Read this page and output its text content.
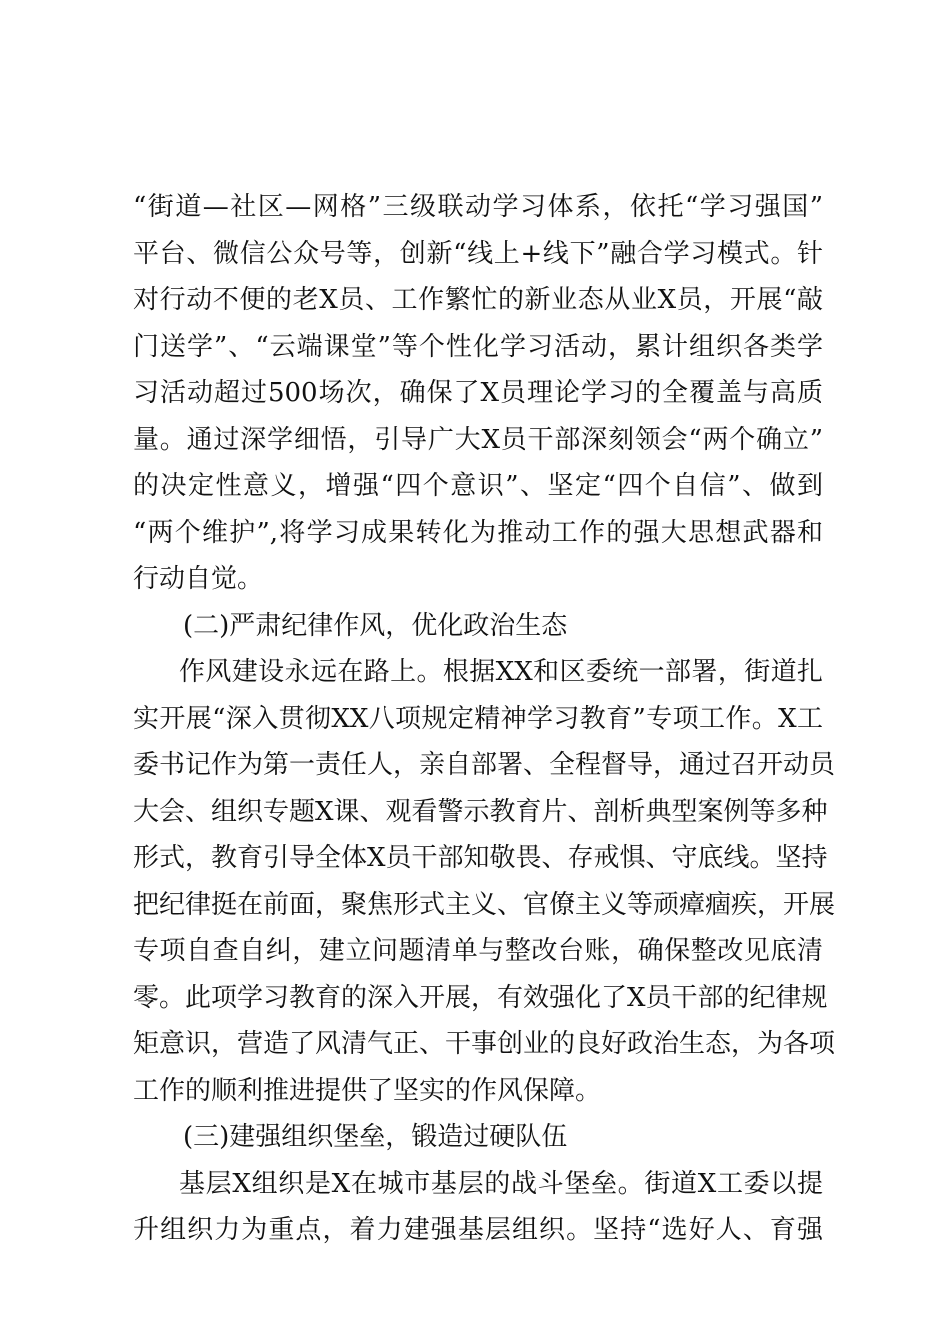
“街道—社区—网格”三级联动学习体系，依托“学习强国”
平台、微信公众号等，创新“线上+线下”融合学习模式。针
对行动不便的老X员、工作繁忙的新业态从业X员，开展“敲
门送学”、“云端课堂”等个性化学习活动，累计组织各类学
习活动超过500场次，确保了X员理论学习的全覆盖与高质
量。通过深学细悟，引导广大X员干部深刻领会“两个确立”
的决定性意义，增强“四个意识”、坚定“四个自信”、做到
“两个维护”,将学习成果转化为推动工作的强大思想武器和
行动自觉。
(二)严肃纪律作风，优化政治生态
作风建设永远在路上。根据XX和区委统一部署，街道扎
实开展“深入贯彻XX八项规定精神学习教育”专项工作。X工
委书记作为第一责任人，亲自部署、全程督导，通过召开动员
大会、组织专题X课、观看警示教育片、剖析典型案例等多种
形式，教育引导全体X员干部知敬畏、存戒惧、守底线。坚持
把纪律挺在前面，聚焦形式主义、官僚主义等顽瘴痼疾，开展
专项自查自纠，建立问题清单与整改台账，确保整改见底清
零。此项学习教育的深入开展，有效强化了X员干部的纪律规
矩意识，营造了风清气正、干事创业的良好政治生态，为各项
工作的顺利推进提供了坚实的作风保障。
(三)建强组织堡垒，锻造过硬队伍
基层X组织是X在城市基层的战斗堡垒。街道X工委以提
升组织力为重点，着力建强基层组织。坚持“选好人、育强
